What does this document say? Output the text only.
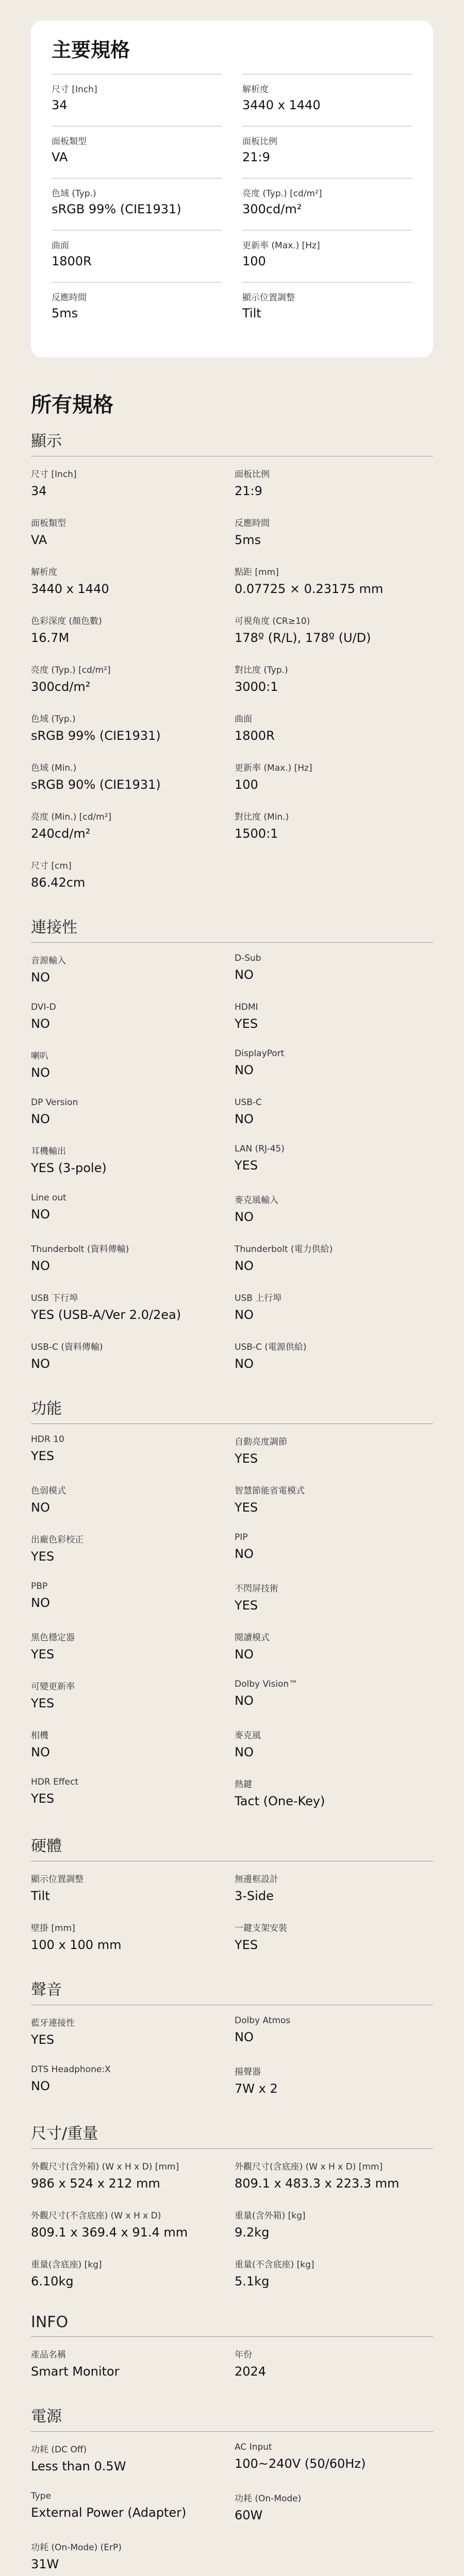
主要規格
尺寸 [Inch]
34
解析度
3440 x 1440
面板類型
VA
面板比例
21:9
色域 (Typ.)
sRGB 99% (CIE1931)
亮度 (Typ.) [cd/m²]
300cd/m²
曲面
1800R
更新率 (Max.) [Hz]
100
反應時間
5ms
顯示位置調整
Tilt
所有規格
顯示
尺寸 [Inch]
34
面板比例
21:9
面板類型
VA
反應時間
5ms
解析度
3440 x 1440
點距 [mm]
0.07725 × 0.23175 mm
色彩深度 (顏色數)
16.7M
可視角度 (CR≥10)
178º (R/L), 178º (U/D)
亮度 (Typ.) [cd/m²]
300cd/m²
對比度 (Typ.)
3000:1
色域 (Typ.)
sRGB 99% (CIE1931)
曲面
1800R
色域 (Min.)
sRGB 90% (CIE1931)
更新率 (Max.) [Hz]
100
亮度 (Min.) [cd/m²]
240cd/m²
對比度 (Min.)
1500:1
尺寸 [cm]
86.42cm
連接性
音源輸入
NO
D-Sub
NO
DVI-D
NO
HDMI
YES
喇叭
NO
DisplayPort
NO
DP Version
NO
USB-C
NO
耳機輸出
YES (3-pole)
LAN (RJ-45)
YES
Line out
NO
麥克風輸入
NO
Thunderbolt (資料傳輸)
NO
Thunderbolt (電力供給)
NO
USB 下行埠
YES (USB-A/Ver 2.0/2ea)
USB 上行埠
NO
USB-C (資料傳輸)
NO
USB-C (電源供給)
NO
功能
HDR 10
YES
自動亮度調節
YES
色弱模式
NO
智慧節能省電模式
YES
出廠色彩校正
YES
PIP
NO
PBP
NO
不閃屏技術
YES
黑色穩定器
YES
閱讀模式
NO
可變更新率
YES
Dolby Vision™
NO
相機
NO
麥克風
NO
HDR Effect
YES
熱鍵
Tact (One-Key)
硬體
顯示位置調整
Tilt
無邊框設計
3-Side
壁掛 [mm]
100 x 100 mm
一鍵支架安裝
YES
聲音
藍牙連接性
YES
Dolby Atmos
NO
DTS Headphone:X
NO
揚聲器
7W x 2
尺寸/重量
外觀尺寸(含外箱) (W x H x D) [mm]
986 x 524 x 212 mm
外觀尺寸(含底座) (W x H x D) [mm]
809.1 x 483.3 x 223.3 mm
外觀尺寸(不含底座) (W x H x D)
809.1 x 369.4 x 91.4 mm
重量(含外箱) [kg]
9.2kg
重量(含底座) [kg]
6.10kg
重量(不含底座) [kg]
5.1kg
INFO
產品名稱
Smart Monitor
年份
2024
電源
功耗 (DC Off)
Less than 0.5W
AC Input
100~240V (50/60Hz)
Type
External Power (Adapter)
功耗 (On-Mode)
60W
功耗 (On-Mode) (ErP)
31W
